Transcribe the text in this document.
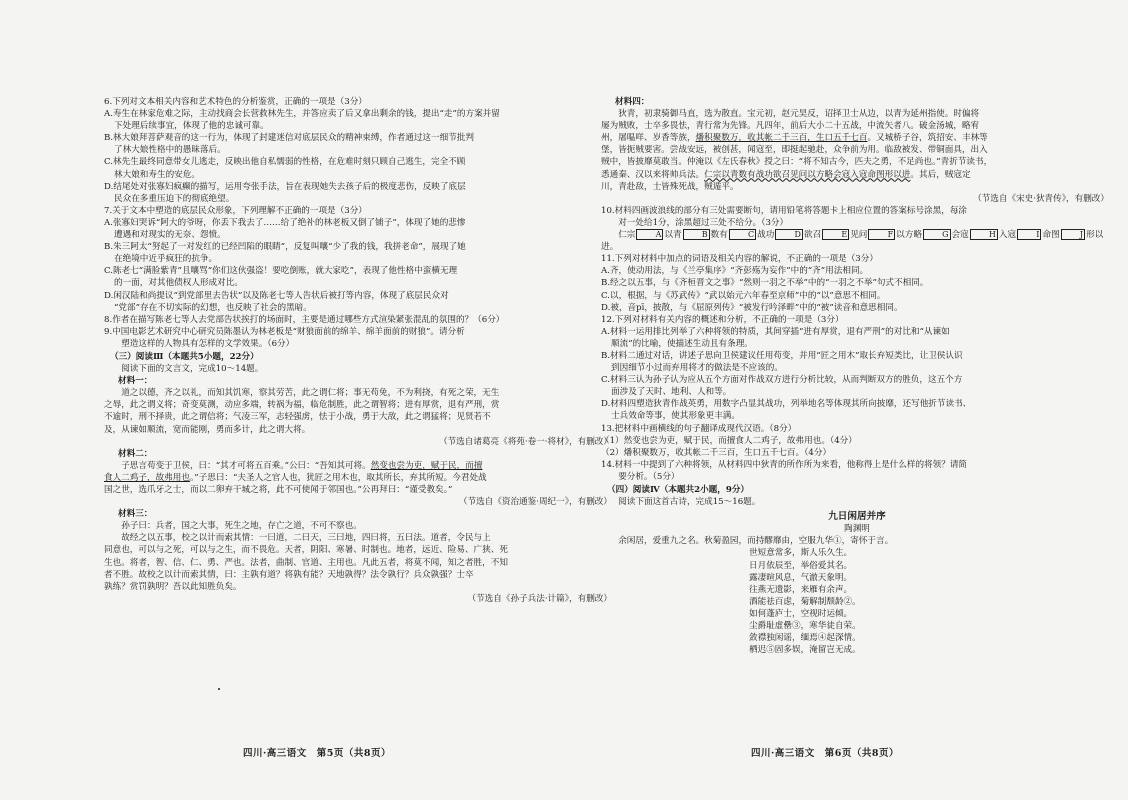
6.下列对文本相关内容和艺术特色的分析鉴赏，正确的一项是（3分）

A.寿生在林家危难之际，主动找商会长营救林先生，并答应卖了后又拿出剩余的钱，提出“走”的方案并留

下处理后续事宜，体现了他的忠诚可靠。

B.林大娘拜菩萨观音的这一行为，体现了封建迷信对底层民众的精神束缚，作者通过这一细节批判

了林大娘性格中的愚昧落后。

C.林先生最终同意带女儿逃走，反映出他自私懦弱的性格，在危难时刻只顾自己逃生，完全不顾

林大娘和寿生的安危。

D.结尾处对张寡妇疯癫的描写，运用夸张手法，旨在表现她失去孩子后的极度悲伤，反映了底层

民众在多重压迫下的彻底绝望。

7.关于文本中塑造的底层民众形象，下列理解不正确的一项是（3分）

A.张寡妇哭诉“阿大的爷呀，你丢下我去了……给了绝补的林老板又倒了铺子”，体现了她的悲惨

遭遇和对现实的无奈、怨愤。

B.朱三阿太“努起了一对发红的已经凹陷的眼睛”，反复叫嚷“少了我的钱，我拼老命”，展现了她

在绝境中近乎疯狂的抗争。

C.陈老七“满脸紫青”且嚷骂“你们这伙强盗！要吃倒账，就大家吃”，表现了他性格中蛮横无理

的一面，对其他债权人形成对比。

D.闲汉陆和尚提议“到党部里去告状”以及陈老七等人告状后被打等内容，体现了底层民众对

“党部”存在不切实际的幻想，也反映了社会的黑暗。

8.作者在描写陈老七等人去党部告状挨打的场面时，主要是通过哪些方式渲染紧张混乱的氛围的？（6分）

9.中国电影艺术研究中心研究员陈墨认为林老板是“财狼面前的绵羊、绵羊面前的财狼”。请分析

塑造这样的人物具有怎样的文学效果。（6分）

（三）阅读Ⅲ（本题共5小题，22分）

阅读下面的文言文，完成10～14题。

材料一：

道之以德，齐之以礼，而知其饥寒，察其劳苦，此之谓仁将；事无苟免，不为利挠，有死之荣，无生

之辱，此之谓义将；奇变莫测，动应多端，转祸为福，临危制胜，此之谓智将；进有厚赏，退有严刑，赏

不逾时，刑不择贵，此之谓信将；气凌三军，志轻强虏，怯于小战，勇于大敌，此之谓猛将；见贤若不

及，从谏如顺流，宽而能刚，勇而多计，此之谓大将。

（节选自诸葛亮《将苑·卷一·将材》，有删改）

材料二：

子思言苟变于卫侯，曰：“其才可将五百乘。”公曰：“吾知其可将。然变也尝为吏，赋于民，而擅

食人二鸡子，故弗用也。”子思曰：“夫圣人之官人也，犹匠之用木也，取其所长，弃其所短。今君处战

国之世，选爪牙之士，而以二卵弃干城之将，此不可使闻于邻国也。”公再拜曰：“谨受教矣。”

（节选自《资治通鉴·周纪一》，有删改）

材料三：

孙子曰：兵者，国之大事，死生之地，存亡之道，不可不察也。

故经之以五事，校之以计而索其情：一曰道，二曰天，三曰地，四曰将，五曰法。道者，令民与上

同意也，可以与之死，可以与之生，而不畏危。天者，阴阳、寒暑、时制也。地者，远近、险易、广狭、死

生也。将者，智、信、仁、勇、严也。法者，曲制、官道、主用也。凡此五者，将莫不闻，知之者胜，不知

者不胜。故校之以计而索其情，曰：主孰有道？将孰有能？天地孰得？法令孰行？兵众孰强？士卒

孰练？赏罚孰明？吾以此知胜负矣。

（节选自《孙子兵法·计篇》，有删改）

四川·高三语文　第5页（共8页）

材料四：

狄青，初隶骑御马直，选为散直。宝元初，赵元昊反，诏择卫士从边，以青为延州指使。时偏将

屡为贼败，士卒多畏怯，青行常为先锋。凡四年，前后大小二十五战，中流矢者八。破金汤城，略宥

州，屠嗢咩、岁香等族，燔积聚数万，收其帐二千三百，生口五千七百。又城桥子谷，筑招安、丰林等

堡，皆扼贼要害。尝战安远，被创甚，闻寇至，即挺起驰赴，众争前为用。临敌被发、带铜面具，出入

贼中，皆披靡莫敢当。仲淹以《左氏春秋》授之曰：“将不知古今，匹夫之勇，不足尚也。”青折节读书，

悉通秦、汉以来将帅兵法。仁宗以青数有战功欲召见问以方略会寇入寇命图形以进。其后，贼寇定

川，青赴敌，士皆殊死战，贼遁平。

（节选自《宋史·狄青传》，有删改）

10.材料四画波浪线的部分有三处需要断句，请用铅笔将答题卡上相应位置的答案标号涂黑，每涂

对一处给1分，涂黑超过三处不给分。（3分）

仁宗	A 以青	B 数有	C 战功	D 欲召	E 见问	F 以方略	G 会寇	H 入寇	I 命图	J 形以进。

11.下列对材料中加点的词语及相关内容的解说，不正确的一项是（3分）

A.齐，使动用法，与《兰亭集序》“齐彭殇为妄作”中的“齐”用法相同。

B.经之以五事，与《齐桓晋文之事》“然则一羽之不举”中的“一羽之不举”句式不相同。

C.以，根据，与《苏武传》“武以始元六年春至京师”中的“以”意思不相同。

D.被，音pī，披散，与《屈原列传》“被发行吟泽畔”中的“被”读音和意思相同。

12.下列对材料有关内容的概述和分析，不正确的一项是（3分）

A.材料一运用排比列举了六种将领的特质，其间穿插“进有厚赏，退有严刑”的对比和“从谏如

顺流”的比喻，使描述生动且有条理。

B.材料二通过对话，讲述子思向卫侯建议任用苟变，并用“匠之用木”取长弃短类比，让卫侯认识

到因细节小过而弃用将才的做法是不应该的。

C.材料三认为孙子认为应从五个方面对作战双方进行分析比较，从而判断双方的胜负，这五个方

面涉及了天时、地利、人和等。

D.材料四塑造狄青作战英勇，用数字凸显其战功，列举地名等体现其所向披靡，还写他折节读书、

士兵效命等事，使其形象更丰满。

13.把材料中画横线的句子翻译成现代汉语。（8分）

（1）然变也尝为吏，赋于民，而擅食人二鸡子，故弗用也。（4分）

（2）燔积聚数万，收其帐二千三百，生口五千七百。（4分）

14.材料一中提到了六种将领，从材料四中狄青的所作所为来看，他称得上是什么样的将领？请简

要分析。（5分）

（四）阅读Ⅳ（本题共2小题，9分）

阅读下面这首古诗，完成15～16题。

九日闲居并序

陶渊明

余闲居，爱重九之名。秋菊盈园，而持醪靡由，空服九华①，寄怀于言。

世短意常多，斯人乐久生。

日月依辰至，举俗爱其名。

露凄暄风息，气澈天象明。

往燕无遗影，来雁有余声。

酒能祛百虑，菊解制颓龄②。

如何蓬庐士，空视时运倾。

尘爵耻虚罍③，寒华徒自荣。

敛襟独闲谣，缅焉④起深情。

栖迟⑤固多娱，淹留岂无成。

四川·高三语文　第6页（共8页）
